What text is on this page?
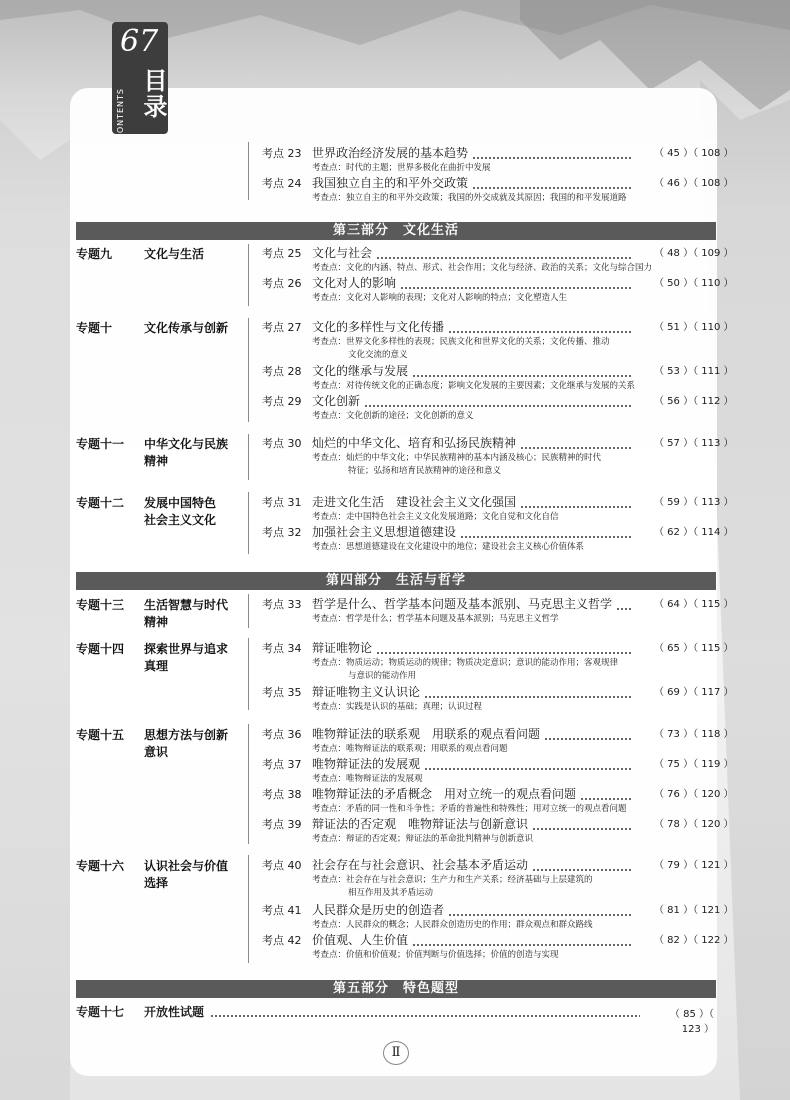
67
目录
CONTENTS
考点 23 世界政治经济发展的基本趋势	（ 45 ）（ 108 ）
考查点：时代的主题；世界多极化在曲折中发展
考点 24 我国独立自主的和平外交政策	（ 46 ）（ 108 ）
考查点：独立自主的和平外交政策；我国的外交成就及其原因；我国的和平发展道路
第三部分　文化生活
专题九	文化与生活	考点 25 文化与社会	（ 48 ）（ 109 ）
考查点：文化的内涵、特点、形式、社会作用；文化与经济、政治的关系；文化与综合国力
考点 26 文化对人的影响	（ 50 ）（ 110 ）
考查点：文化对人影响的表现；文化对人影响的特点；文化塑造人生
专题十	文化传承与创新	考点 27 文化的多样性与文化传播	（ 51 ）（ 110 ）
考查点：世界文化多样性的表现；民族文化和世界文化的关系；文化传播、推动
文化交流的意义
考点 28 文化的继承与发展	（ 53 ）（ 111 ）
考查点：对待传统文化的正确态度；影响文化发展的主要因素；文化继承与发展的关系
考点 29 文化创新	（ 56 ）（ 112 ）
考查点：文化创新的途径；文化创新的意义
专题十一 中华文化与民族
精神
考点 30 灿烂的中华文化、培育和弘扬民族精神	（ 57 ）（ 113 ）
考查点：灿烂的中华文化；中华民族精神的基本内涵及核心；民族精神的时代
特征；弘扬和培育民族精神的途径和意义
专题十二 发展中国特色
社会主义文化
考点 31 走进文化生活　建设社会主义文化强国	（ 59 ）（ 113 ）
考查点：走中国特色社会主义文化发展道路；文化自觉和文化自信
考点 32 加强社会主义思想道德建设	（ 62 ）（ 114 ）
考查点：思想道德建设在文化建设中的地位；建设社会主义核心价值体系
第四部分　生活与哲学
专题十三 生活智慧与时代
精神
考点 33 哲学是什么、哲学基本问题及基本派别、马克思主义哲学	（ 64 ）（ 115 ）
考查点：哲学是什么；哲学基本问题及基本派别；马克思主义哲学
专题十四 探索世界与追求
真理
考点 34 辩证唯物论	（ 65 ）（ 115 ）
考查点：物质运动；物质运动的规律；物质决定意识；意识的能动作用；客观规律
与意识的能动作用
考点 35 辩证唯物主义认识论	（ 69 ）（ 117 ）
考查点：实践是认识的基础；真理；认识过程
专题十五 思想方法与创新
意识
考点 36 唯物辩证法的联系观　用联系的观点看问题	（ 73 ）（ 118 ）
考查点：唯物辩证法的联系观；用联系的观点看问题
考点 37 唯物辩证法的发展观	（ 75 ）（ 119 ）
考查点：唯物辩证法的发展观
考点 38 唯物辩证法的矛盾概念　用对立统一的观点看问题	（ 76 ）（ 120 ）
考查点：矛盾的同一性和斗争性；矛盾的普遍性和特殊性；用对立统一的观点看问题
考点 39 辩证法的否定观　唯物辩证法与创新意识	（ 78 ）（ 120 ）
考查点：辩证的否定观；辩证法的革命批判精神与创新意识
专题十六 认识社会与价值
选择
考点 40 社会存在与社会意识、社会基本矛盾运动	（ 79 ）（ 121 ）
考查点：社会存在与社会意识；生产力和生产关系；经济基础与上层建筑的
相互作用及其矛盾运动
考点 41 人民群众是历史的创造者	（ 81 ）（ 121 ）
考查点：人民群众的概念；人民群众创造历史的作用；群众观点和群众路线
考点 42 价值观、人生价值	（ 82 ）（ 122 ）
考查点：价值和价值观；价值判断与价值选择；价值的创造与实现
第五部分　特色题型
专题十七 开放性试题	（ 85 ）（ 123 ）
Ⅱ
